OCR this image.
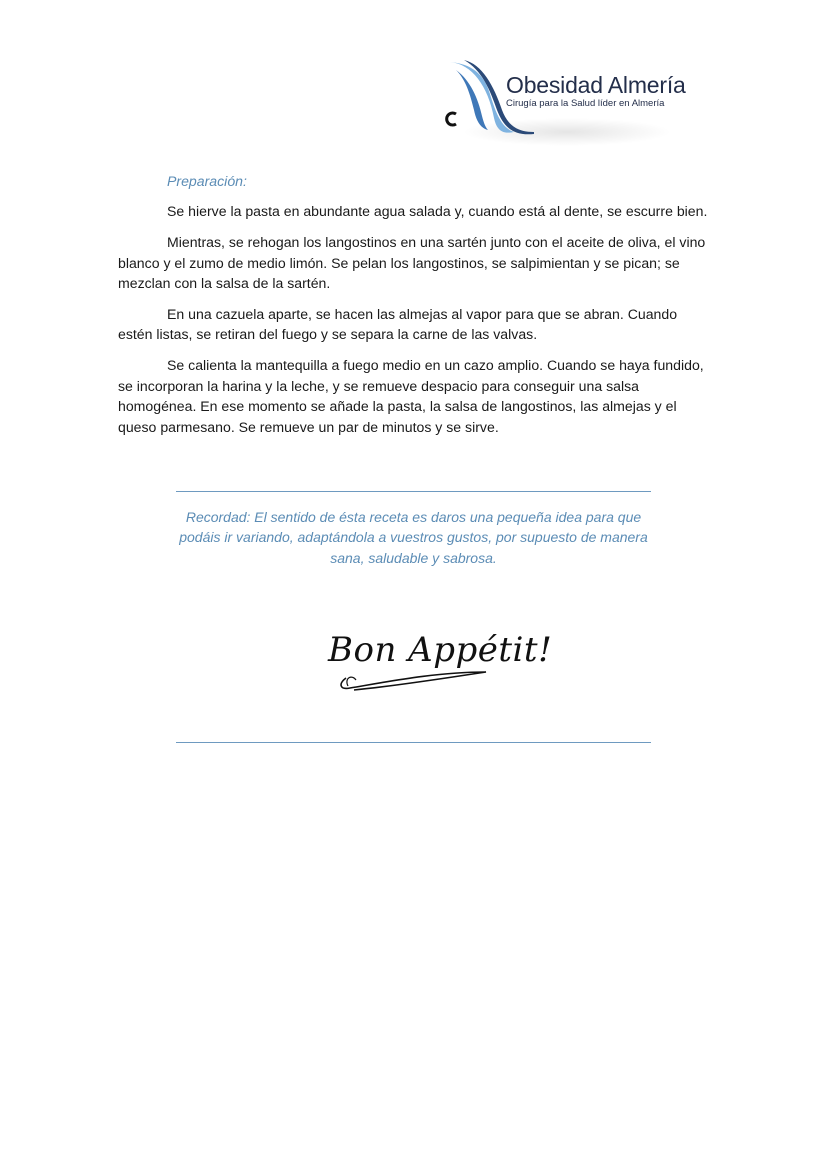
Obesidad Almería
Cirugía para la Salud líder en Almería
Preparación:

Se hierve la pasta en abundante agua salada y, cuando está al dente, se escurre bien.

Mientras, se rehogan los langostinos en una sartén junto con el aceite de oliva, el vino blanco y el zumo de medio limón. Se pelan los langostinos, se salpimientan y se pican; se mezclan con la salsa de la sartén.

En una cazuela aparte, se hacen las almejas al vapor para que se abran. Cuando estén listas, se retiran del fuego y se separa la carne de las valvas.

Se calienta la mantequilla a fuego medio en un cazo amplio. Cuando se haya fundido, se incorporan la harina y la leche, y se remueve despacio para conseguir una salsa homogénea. En ese momento se añade la pasta, la salsa de langostinos, las almejas y el queso parmesano. Se remueve un par de minutos y se sirve.

Recordad: El sentido de ésta receta es daros una pequeña idea para que podáis ir variando, adaptándola a vuestros gustos, por supuesto de manera sana, saludable y sabrosa.
Bon Appétit!
